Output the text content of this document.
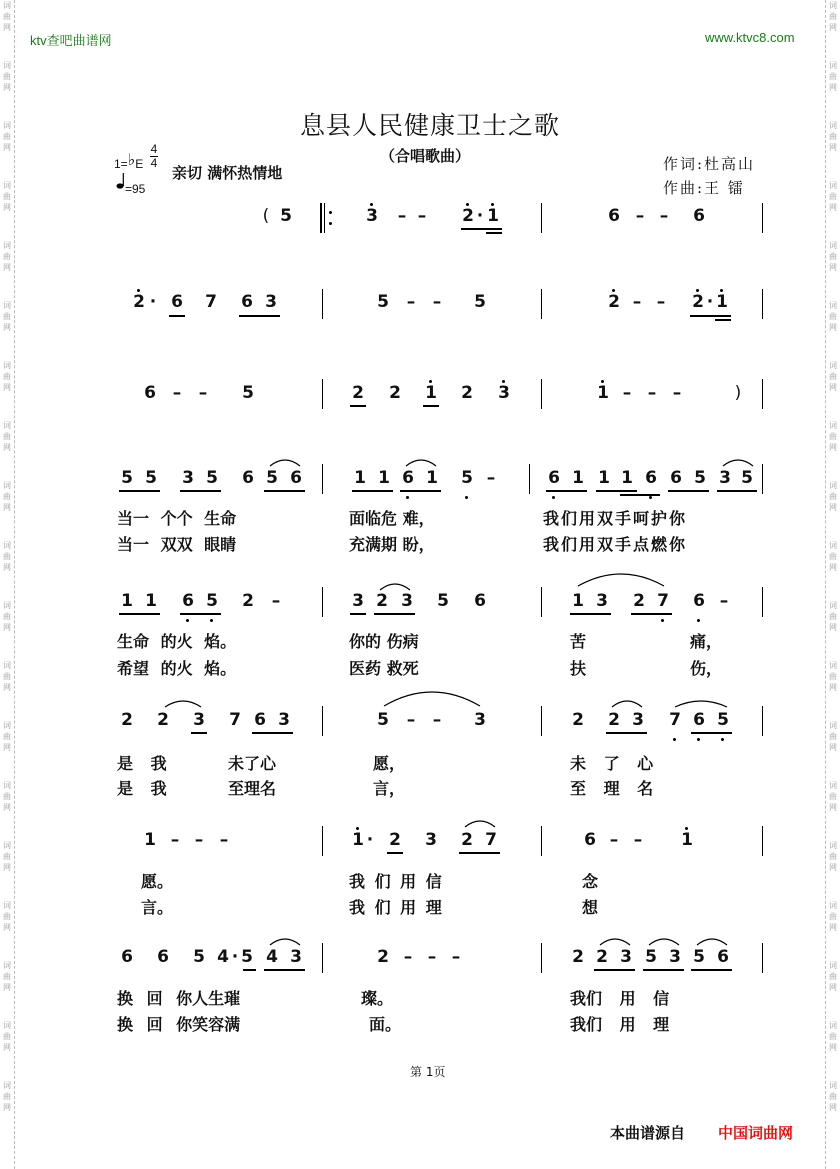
词
曲
网
词
曲
网
词
曲
网
词
曲
网
词
曲
网
词
曲
网
词
曲
网
词
曲
网
词
曲
网
词
曲
网
词
曲
网
词
曲
网
词
曲
网
词
曲
网
词
曲
网
词
曲
网
词
曲
网
词
曲
网
词
曲
网
词
曲
网
词
曲
网
词
曲
网
词
曲
网
词
曲
网
词
曲
网
词
曲
网
词
曲
网
词
曲
网
词
曲
网
词
曲
网
词
曲
网
词
曲
网
词
曲
网
词
曲
网
词
曲
网
词
曲
网
词
曲
网
词
曲
网
ktv查吧曲谱网	www.ktvc8.com
息县人民健康卫士之歌
（合唱歌曲）
1=♭E
4
4
=95
亲切 满怀热情地	作词:杜高山
作曲:王 镭
( 5	3	– –	2 · 1	6 – –	6
2 · 6 7 6 3	5	–	–	5	2 – –	2 · 1
6 –	–	5	2 2 1 2 3	1 – – –	)
5 5 3 5 6 5 6	1 1 6 1 5 –	6 1 1 1 6 6 5 3 5
当一 个个 生命	面临危 难，	我们用双手呵护你
当一 双双 眼睛	充满期 盼，	我们用双手点燃你
1 1 6 5 2	–	3 2 3 5 6	1 3 2 7 6 –
生命 的火 焰。	你的 伤病	苦	痛，
希望 的火 焰。	医药 救死	扶	伤，
2 2 3 7 6 3	5	–	–	3	2 2 3 7 6 5
是 我	未了心	愿，	未 了 心
是 我	至理名	言，	至 理 名
1 – – –	1 · 2 3 2 7	6 – –	1
愿。	我 们 用 信	念
言。	我 们 用 理	想
6 6 5 4 · 5 4 3	2 – – –	2 2 3 5 3 5 6
换 回 你人生璀	璨。	我们 用 信
换 回 你笑容满	面。	我们 用 理
第 1页
本曲谱源自 中国词曲网
